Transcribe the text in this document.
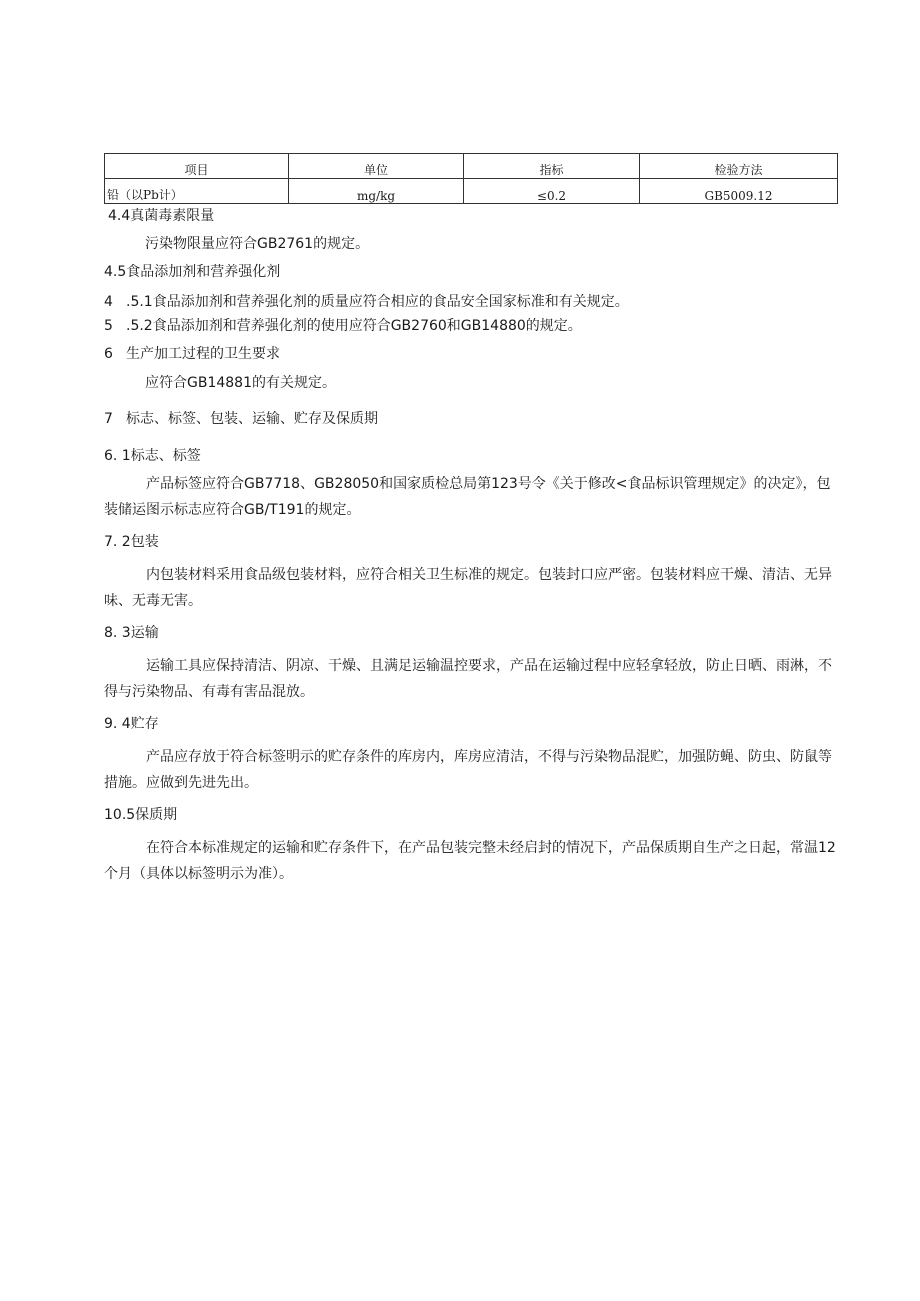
项目	单位	指标	检验方法
铅（以Pb计）	mg/kg	≤0.2	GB5009.12
4.4真菌毒素限量
污染物限量应符合GB2761的规定。
4.5食品添加剂和营养强化剂
4 .5.1食品添加剂和营养强化剂的质量应符合相应的食品安全国家标准和有关规定。
5 .5.2食品添加剂和营养强化剂的使用应符合GB2760和GB14880的规定。
6 生产加工过程的卫生要求
应符合GB14881的有关规定。
7 标志、标签、包装、运输、贮存及保质期
6. 1标志、标签
产品标签应符合GB7718、GB28050和国家质检总局第123号令《关于修改<食品标识管理规定》的决定》，包装储运图示标志应符合GB/T191的规定。
7. 2包装
内包装材料采用食品级包装材料，应符合相关卫生标准的规定。包装封口应严密。包装材料应干燥、清洁、无异味、无毒无害。
8. 3运输
运输工具应保持清洁、阴凉、干燥、且满足运输温控要求，产品在运输过程中应轻拿轻放，防止日晒、雨淋，不得与污染物品、有毒有害品混放。
9. 4贮存
产品应存放于符合标签明示的贮存条件的库房内，库房应清洁，不得与污染物品混贮，加强防蝇、防虫、防鼠等措施。应做到先进先出。
10.5保质期
在符合本标准规定的运输和贮存条件下，在产品包装完整未经启封的情况下，产品保质期自生产之日起，常温12个月（具体以标签明示为准）。
